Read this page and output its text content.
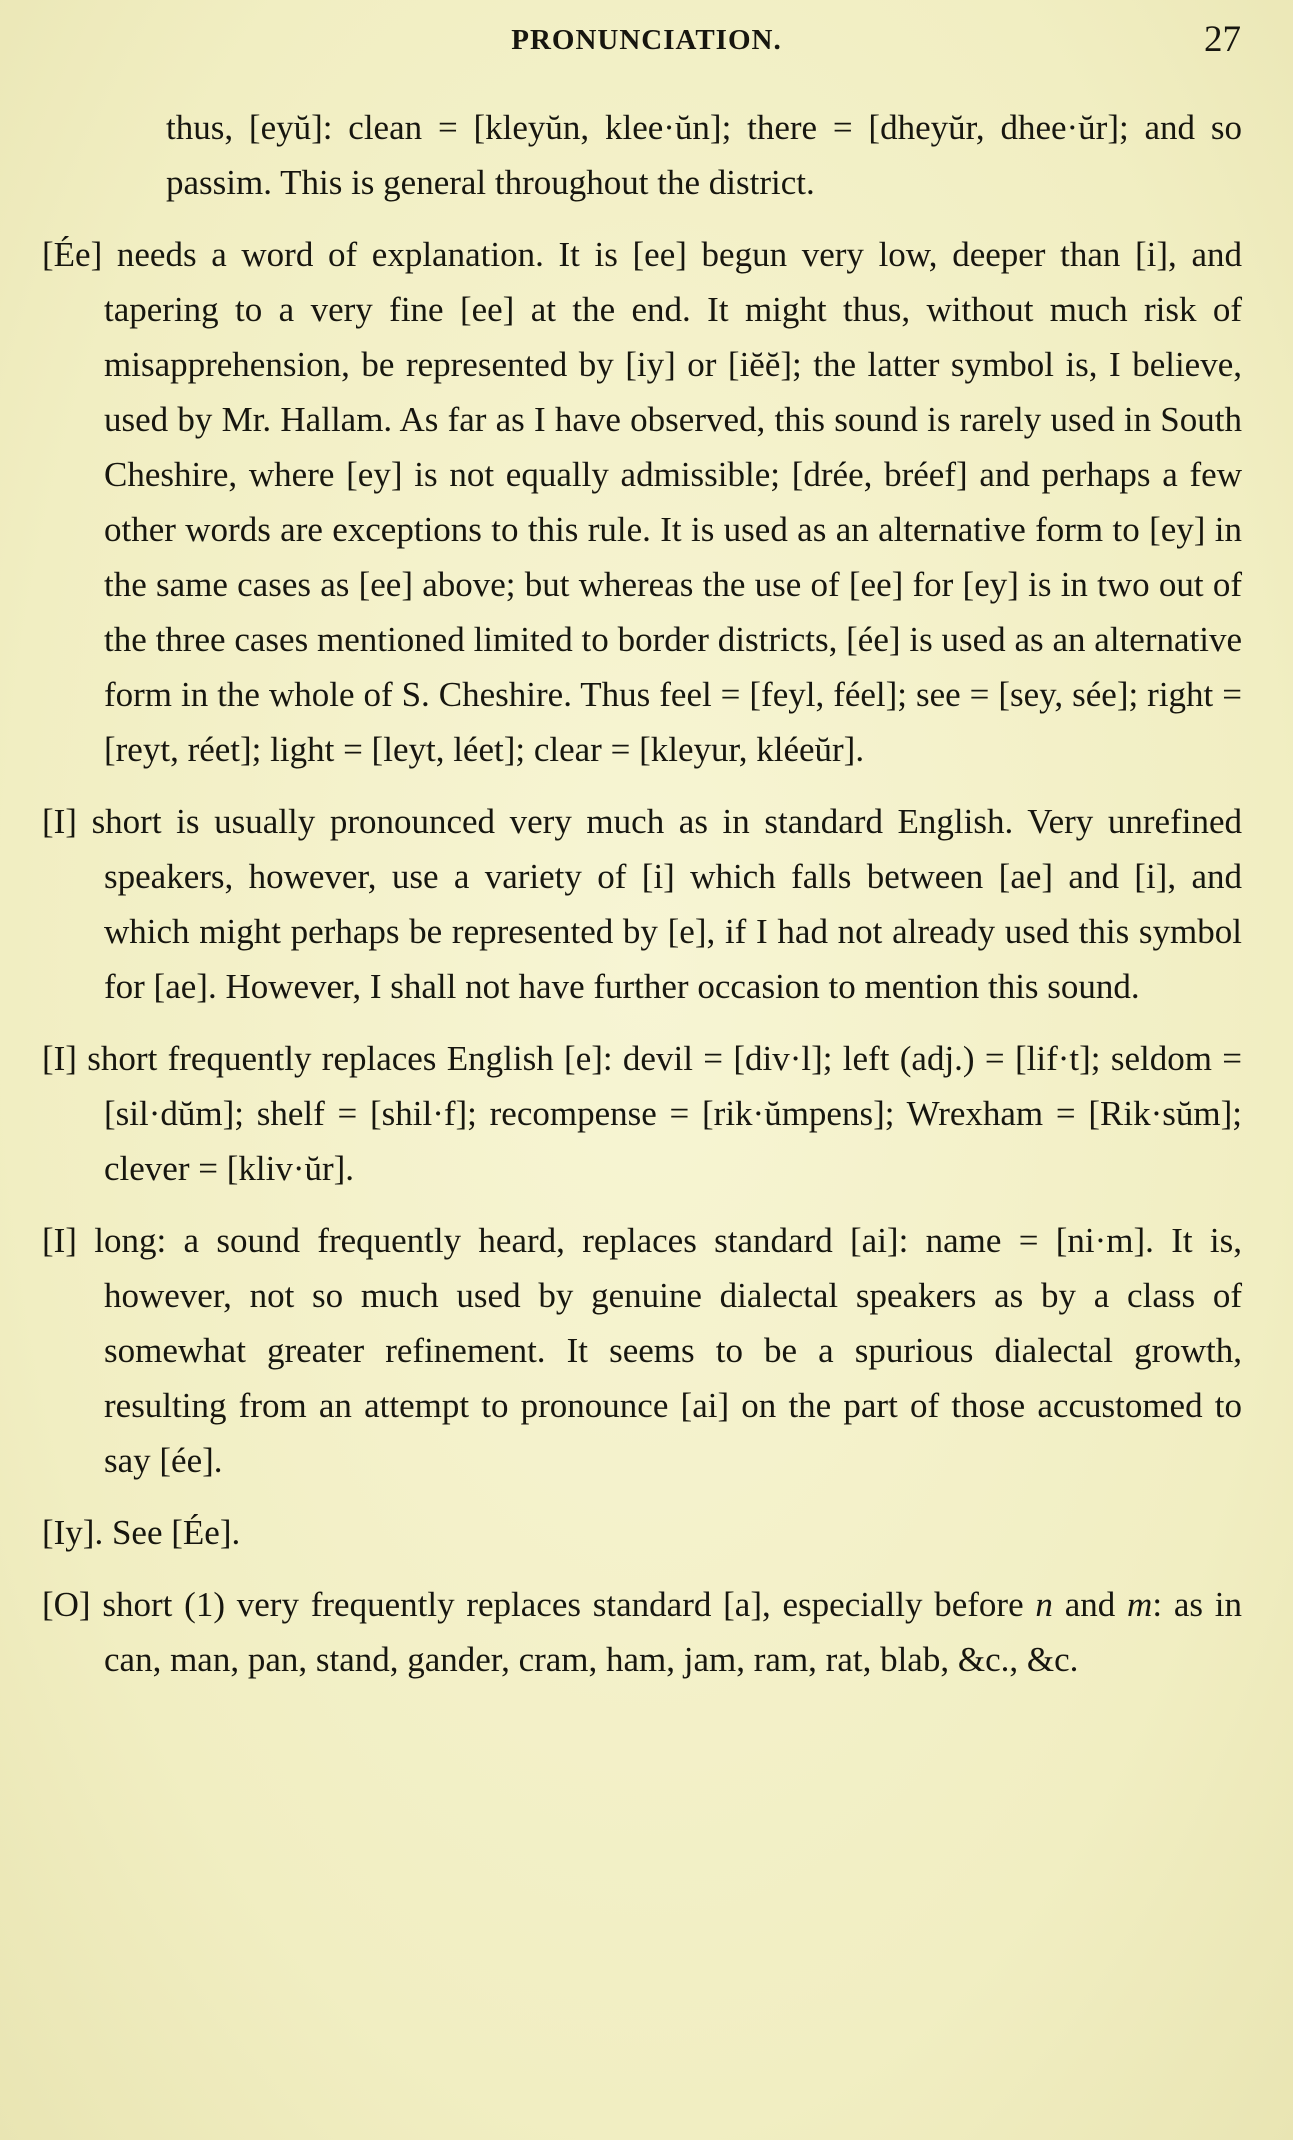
PRONUNCIATION.	27

thus, [eyŭ]: clean = [kleyŭn, klee·ŭn]; there = [dheyŭr, dhee·ŭr]; and so passim. This is general throughout the district.

[Ée] needs a word of explanation. It is [ee] begun very low, deeper than [i], and tapering to a very fine [ee] at the end. It might thus, without much risk of misapprehension, be represented by [iy] or [iĕĕ]; the latter symbol is, I believe, used by Mr. Hallam. As far as I have observed, this sound is rarely used in South Cheshire, where [ey] is not equally admissible; [drée, bréef] and perhaps a few other words are exceptions to this rule. It is used as an alternative form to [ey] in the same cases as [ee] above; but whereas the use of [ee] for [ey] is in two out of the three cases mentioned limited to border districts, [ée] is used as an alternative form in the whole of S. Cheshire. Thus feel = [feyl, féel]; see = [sey, sée]; right = [reyt, réet]; light = [leyt, léet]; clear = [kleyur, kléeŭr].

[I] short is usually pronounced very much as in standard English. Very unrefined speakers, however, use a variety of [i] which falls between [ae] and [i], and which might perhaps be represented by [e], if I had not already used this symbol for [ae]. However, I shall not have further occasion to mention this sound.

[I] short frequently replaces English [e]: devil = [div·l]; left (adj.) = [lif·t]; seldom = [sil·dŭm]; shelf = [shil·f]; recompense = [rik·ŭmpens]; Wrexham = [Rik·sŭm]; clever = [kliv·ŭr].

[I] long: a sound frequently heard, replaces standard [ai]: name = [ni·m]. It is, however, not so much used by genuine dialectal speakers as by a class of somewhat greater refinement. It seems to be a spurious dialectal growth, resulting from an attempt to pronounce [ai] on the part of those accustomed to say [ée].

[Iy]. See [Ée].

[O] short (1) very frequently replaces standard [a], especially before n and m: as in can, man, pan, stand, gander, cram, ham, jam, ram, rat, blab, &c., &c.
